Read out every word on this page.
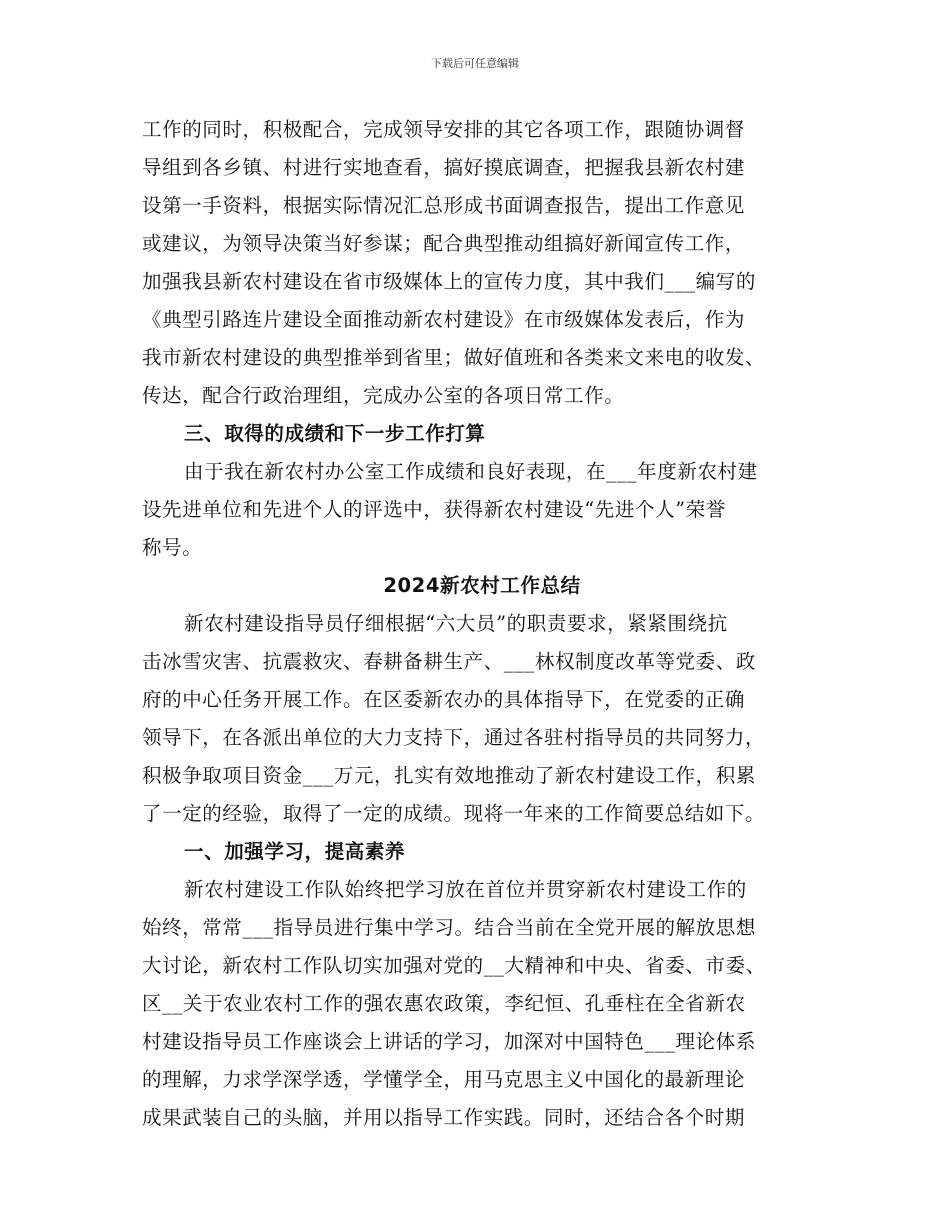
下载后可任意编辑
工作的同时，积极配合，完成领导安排的其它各项工作，跟随协调督
导组到各乡镇、村进行实地查看，搞好摸底调查，把握我县新农村建
设第一手资料，根据实际情况汇总形成书面调查报告，提出工作意见
或建议，为领导决策当好参谋；配合典型推动组搞好新闻宣传工作，
加强我县新农村建设在省市级媒体上的宣传力度，其中我们___编写的
《典型引路连片建设全面推动新农村建设》在市级媒体发表后，作为
我市新农村建设的典型推举到省里；做好值班和各类来文来电的收发、
传达，配合行政治理组，完成办公室的各项日常工作。
三、取得的成绩和下一步工作打算
由于我在新农村办公室工作成绩和良好表现，在___年度新农村建
设先进单位和先进个人的评选中，获得新农村建设“先进个人”荣誉
称号。
2024新农村工作总结
新农村建设指导员仔细根据“六大员”的职责要求，紧紧围绕抗
击冰雪灾害、抗震救灾、春耕备耕生产、___林权制度改革等党委、政
府的中心任务开展工作。在区委新农办的具体指导下，在党委的正确
领导下，在各派出单位的大力支持下，通过各驻村指导员的共同努力，
积极争取项目资金___万元，扎实有效地推动了新农村建设工作，积累
了一定的经验，取得了一定的成绩。现将一年来的工作简要总结如下。
一、加强学习，提高素养
新农村建设工作队始终把学习放在首位并贯穿新农村建设工作的
始终，常常___指导员进行集中学习。结合当前在全党开展的解放思想
大讨论，新农村工作队切实加强对党的__大精神和中央、省委、市委、
区__关于农业农村工作的强农惠农政策，李纪恒、孔垂柱在全省新农
村建设指导员工作座谈会上讲话的学习，加深对中国特色___理论体系
的理解，力求学深学透，学懂学全，用马克思主义中国化的最新理论
成果武装自己的头脑，并用以指导工作实践。同时，还结合各个时期
